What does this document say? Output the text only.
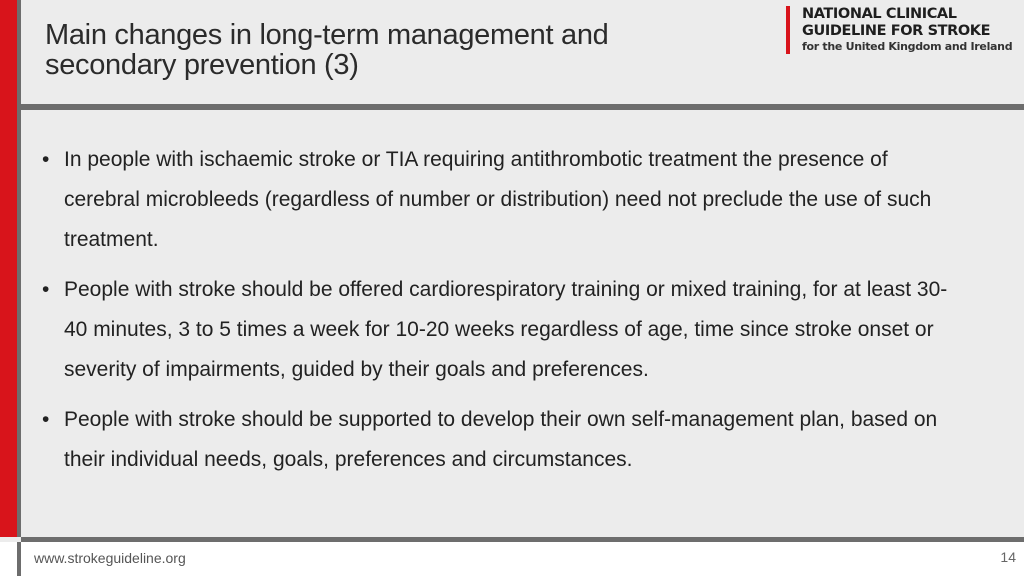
Main changes in long-term management and
secondary prevention (3)
NATIONAL CLINICAL
GUIDELINE FOR STROKE
for the United Kingdom and Ireland
• In people with ischaemic stroke or TIA requiring antithrombotic treatment the presence of cerebral microbleeds (regardless of number or distribution) need not preclude the use of such treatment.
• People with stroke should be offered cardiorespiratory training or mixed training, for at least 30-40 minutes, 3 to 5 times a week for 10-20 weeks regardless of age, time since stroke onset or severity of impairments, guided by their goals and preferences.
• People with stroke should be supported to develop their own self-management plan, based on their individual needs, goals, preferences and circumstances.
www.strokeguideline.org	14
